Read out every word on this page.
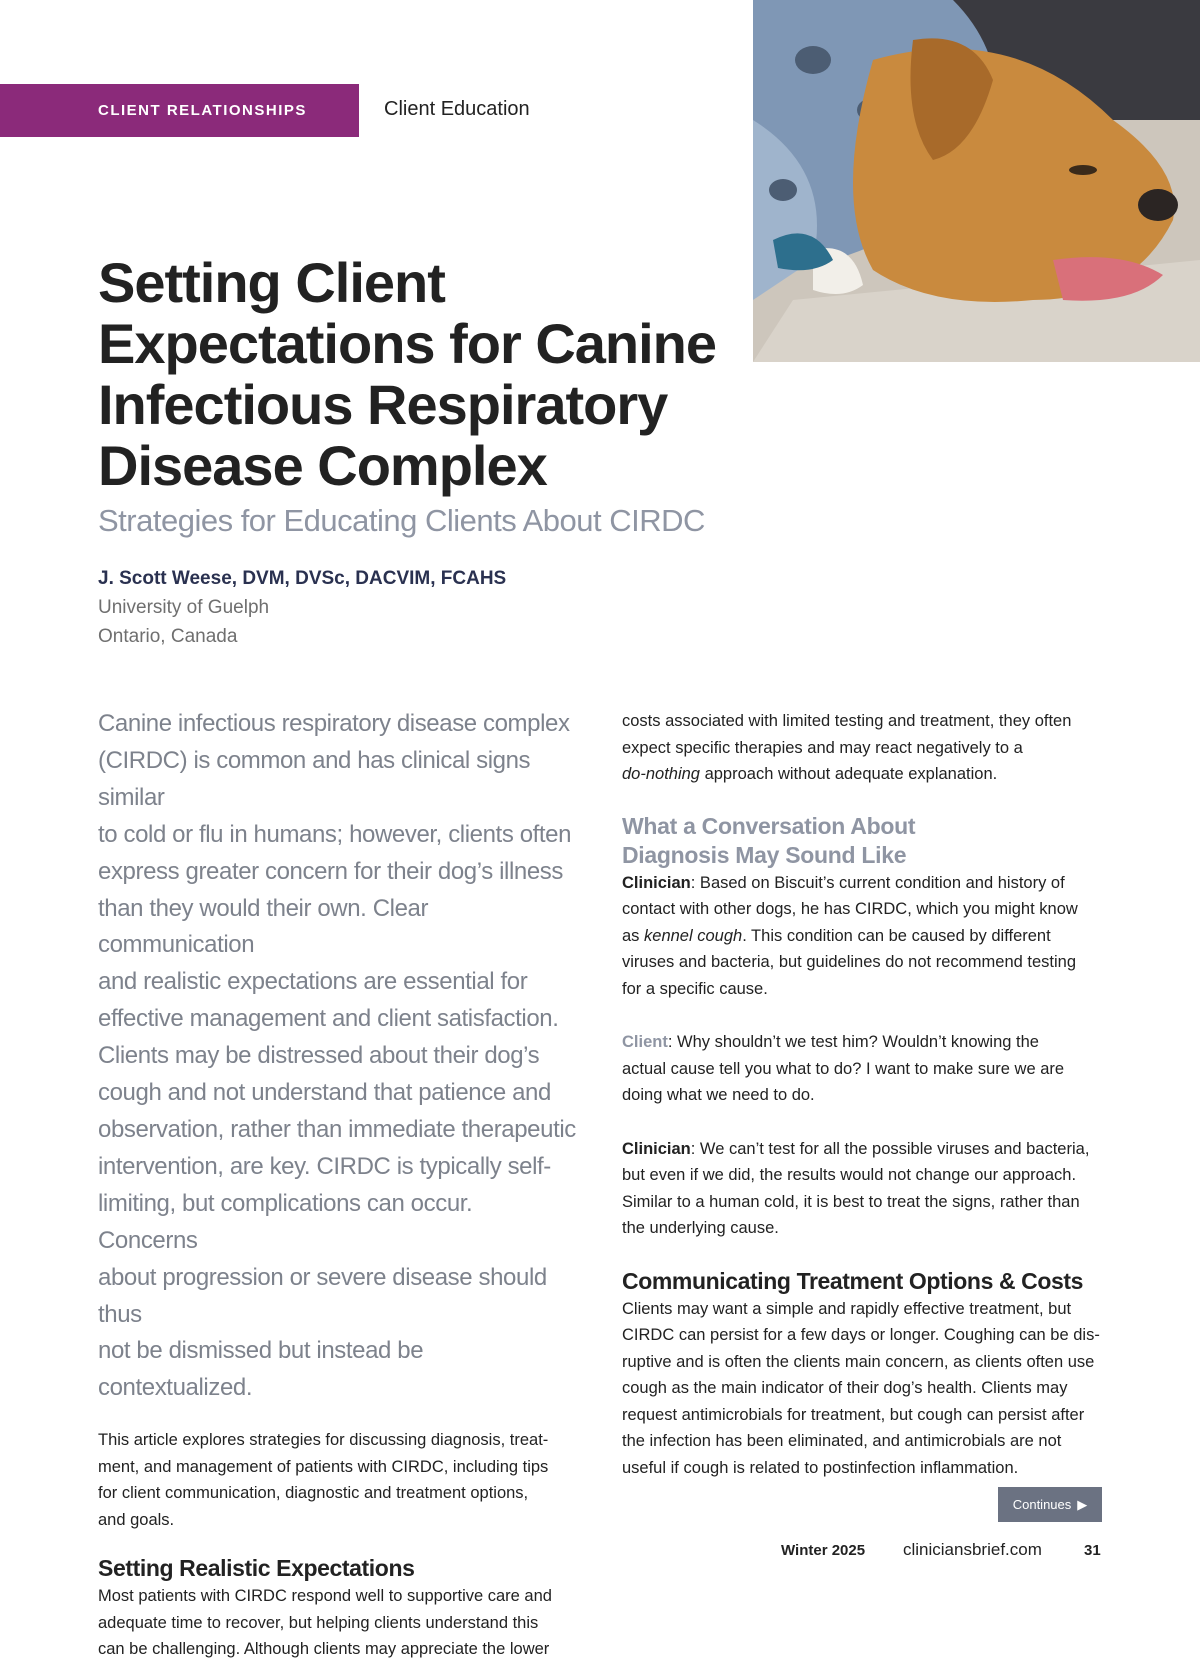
CLIENT RELATIONSHIPS	Client Education
Setting Client
Expectations for Canine
Infectious Respiratory
Disease Complex

Strategies for Educating Clients About CIRDC

J. Scott Weese, DVM, DVSc, DACVIM, FCAHS
University of Guelph
Ontario, Canada

Canine infectious respiratory disease complex
(CIRDC) is common and has clinical signs similar
to cold or flu in humans; however, clients often
express greater concern for their dog’s illness
than they would their own. Clear communication
and realistic expectations are essential for
effective management and client satisfaction.
Clients may be distressed about their dog’s
cough and not understand that patience and
observation, rather than immediate therapeutic
intervention, are key. CIRDC is typically self-
limiting, but complications can occur. Concerns
about progression or severe disease should thus
not be dismissed but instead be contextualized.

This article explores strategies for discussing diagnosis, treat-
ment, and management of patients with CIRDC, including tips
for client communication, diagnostic and treatment options,
and goals.

Setting Realistic Expectations

Most patients with CIRDC respond well to supportive care and
adequate time to recover, but helping clients understand this
can be challenging. Although clients may appreciate the lower

costs associated with limited testing and treatment, they often
expect specific therapies and may react negatively to a
do-nothing approach without adequate explanation.

What a Conversation About
Diagnosis May Sound Like

Clinician: Based on Biscuit’s current condition and history of
contact with other dogs, he has CIRDC, which you might know
as kennel cough. This condition can be caused by different
viruses and bacteria, but guidelines do not recommend testing
for a specific cause.

Client: Why shouldn’t we test him? Wouldn’t knowing the
actual cause tell you what to do? I want to make sure we are
doing what we need to do.

Clinician: We can’t test for all the possible viruses and bacteria,
but even if we did, the results would not change our approach.
Similar to a human cold, it is best to treat the signs, rather than
the underlying cause.

Communicating Treatment Options & Costs

Clients may want a simple and rapidly effective treatment, but
CIRDC can persist for a few days or longer. Coughing can be dis-
ruptive and is often the clients main concern, as clients often use
cough as the main indicator of their dog’s health. Clients may
request antimicrobials for treatment, but cough can persist after
the infection has been eliminated, and antimicrobials are not
useful if cough is related to postinfection inflammation.

Continues ▶
Winter 2025 cliniciansbrief.com	31
